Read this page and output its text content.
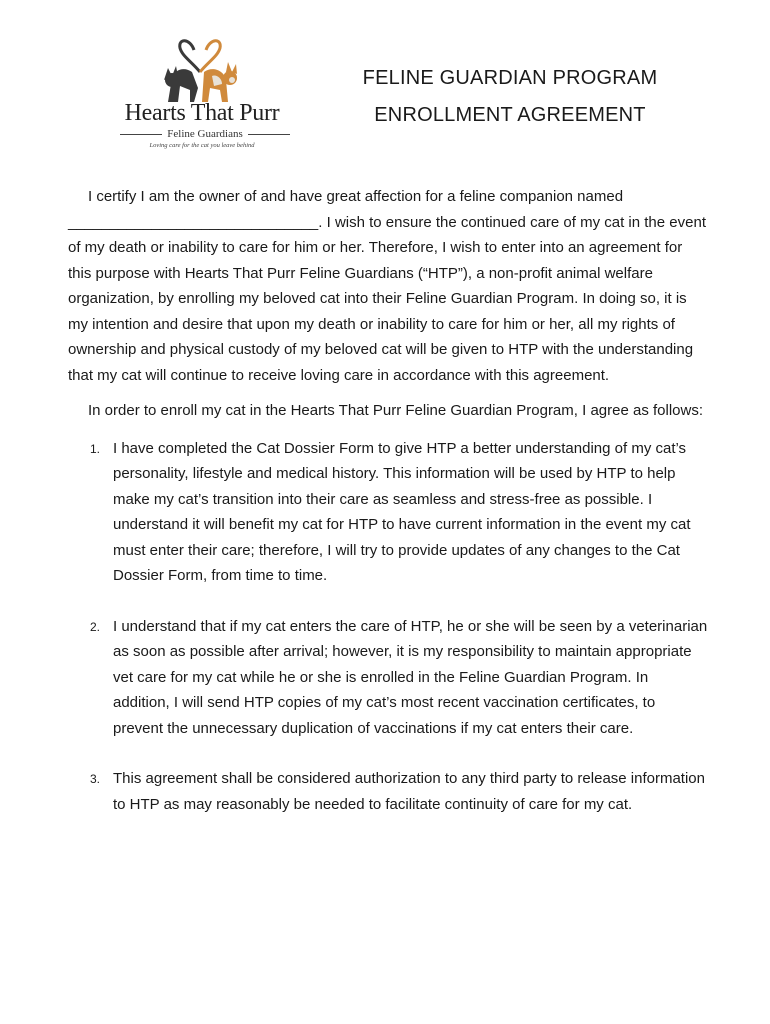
Hearts That Purr
Feline Guardians
Loving care for the cat you leave behind
FELINE GUARDIAN PROGRAM
ENROLLMENT AGREEMENT

I certify I am the owner of and have great affection for a feline companion named ______________________________. I wish to ensure the continued care of my cat in the event of my death or inability to care for him or her. Therefore, I wish to enter into an agreement for this purpose with Hearts That Purr Feline Guardians (“HTP”), a non-profit animal welfare organization, by enrolling my beloved cat into their Feline Guardian Program. In doing so, it is my intention and desire that upon my death or inability to care for him or her, all my rights of ownership and physical custody of my beloved cat will be given to HTP with the understanding that my cat will continue to receive loving care in accordance with this agreement.

In order to enroll my cat in the Hearts That Purr Feline Guardian Program, I agree as follows:

1. I have completed the Cat Dossier Form to give HTP a better understanding of my cat’s personality, lifestyle and medical history. This information will be used by HTP to help make my cat’s transition into their care as seamless and stress-free as possible. I understand it will benefit my cat for HTP to have current information in the event my cat must enter their care; therefore, I will try to provide updates of any changes to the Cat Dossier Form, from time to time.
2. I understand that if my cat enters the care of HTP, he or she will be seen by a veterinarian as soon as possible after arrival; however, it is my responsibility to maintain appropriate vet care for my cat while he or she is enrolled in the Feline Guardian Program. In addition, I will send HTP copies of my cat’s most recent vaccination certificates, to prevent the unnecessary duplication of vaccinations if my cat enters their care.
3. This agreement shall be considered authorization to any third party to release information to HTP as may reasonably be needed to facilitate continuity of care for my cat.
